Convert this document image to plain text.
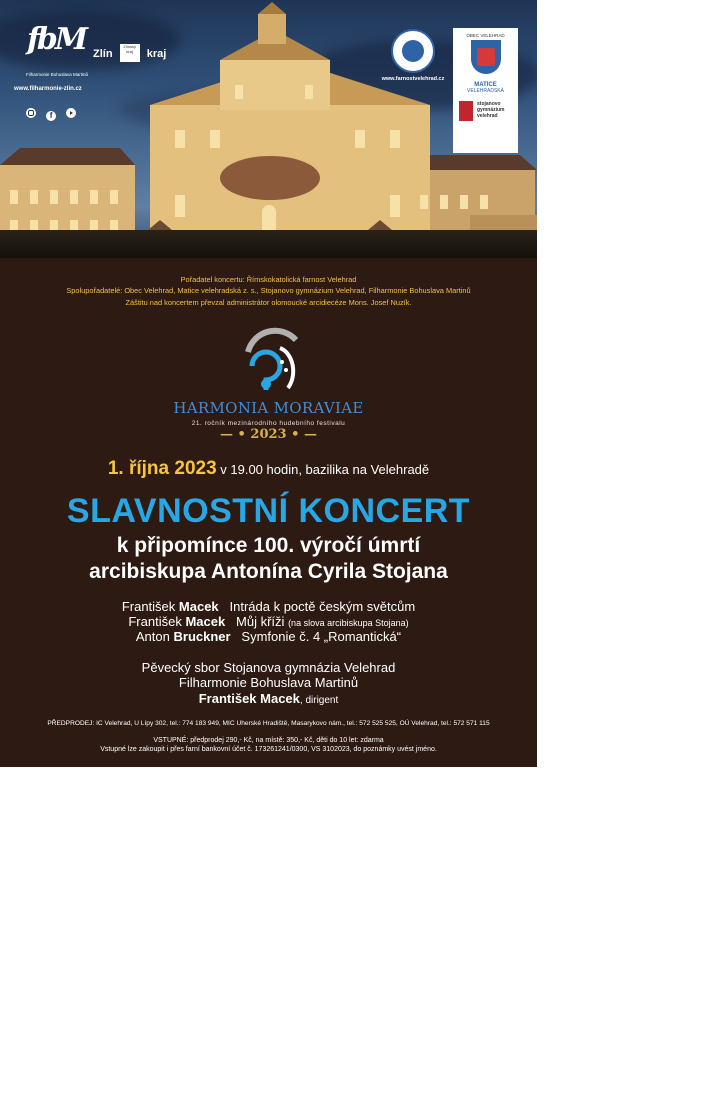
fbM
Filharmonie Bohuslava Martinů
www.filharmonie-zlin.cz
f
Zlín Zlínský kraj kraj
www.farnostvelehrad.cz
OBEC VELEHRAD
MATICE
VELEHRADSKÁ
stojanovo
gymnázium
velehrad
Pořadatel koncertu: Římskokatolická farnost Velehrad
Spolupořadatelé: Obec Velehrad, Matice velehradská z. s., Stojanovo gymnázium Velehrad, Filharmonie Bohuslava Martinů
Záštitu nad koncertem převzal administrátor olomoucké arcidiecéze Mons. Josef Nuzík.
HARMONIA MORAVIAE
21. ročník mezinárodního hudebního festivalu
— • 2023 • —
1. října 2023 v 19.00 hodin, bazilika na Velehradě
SLAVNOSTNÍ KONCERT
k připomínce 100. výročí úmrtí
arcibiskupa Antonína Cyrila Stojana
František Macek Intráda k poctě českým světcům
František Macek Můj kříži (na slova arcibiskupa Stojana)
Anton Bruckner Symfonie č. 4 „Romantická“
Pěvecký sbor Stojanova gymnázia Velehrad
Filharmonie Bohuslava Martinů
František Macek, dirigent
PŘEDPRODEJ: IC Velehrad, U Lípy 302, tel.: 774 183 949, MIC Uherské Hradiště, Masarykovo nám., tel.: 572 525 525, OÚ Velehrad, tel.: 572 571 115
VSTUPNÉ: předprodej 290,- Kč, na místě: 350,- Kč, děti do 10 let: zdarma
Vstupné lze zakoupit i přes farní bankovní účet č. 173261241/0300, VS 3102023, do poznámky uvést jméno.
